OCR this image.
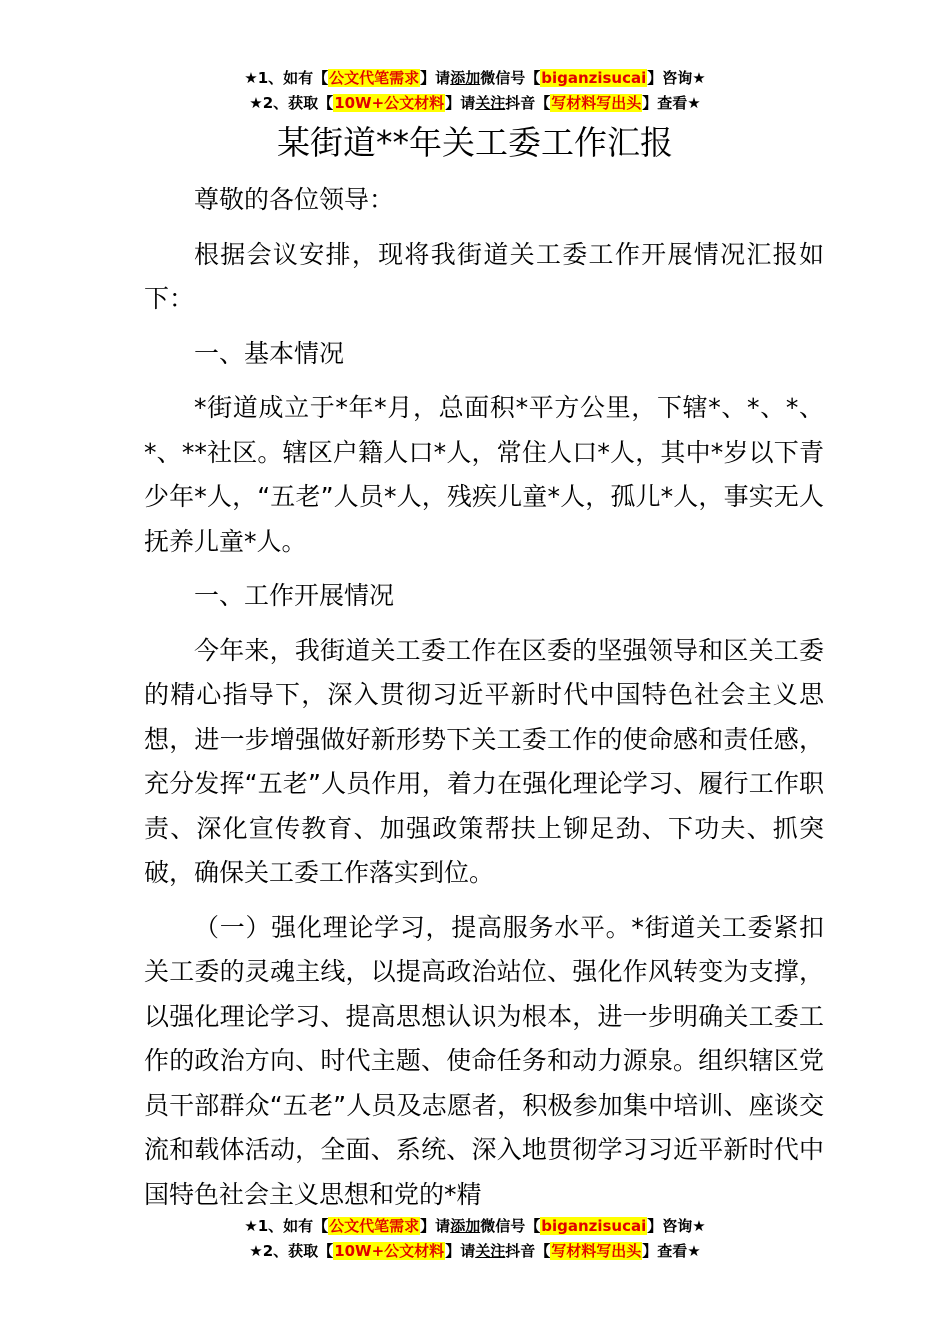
★1、如有【公文代笔需求】请添加微信号【biganzisucai】咨询★
★2、获取【10W+公文材料】请关注抖音【写材料写出头】查看★
某街道**年关工委工作汇报

尊敬的各位领导：

根据会议安排，现将我街道关工委工作开展情况汇报如下：

一、基本情况

*街道成立于*年*月，总面积*平方公里，下辖*、*、*、*、**社区。辖区户籍人口*人，常住人口*人，其中*岁以下青少年*人，“五老”人员*人，残疾儿童*人，孤儿*人，事实无人抚养儿童*人。

一、工作开展情况

今年来，我街道关工委工作在区委的坚强领导和区关工委的精心指导下，深入贯彻习近平新时代中国特色社会主义思想，进一步增强做好新形势下关工委工作的使命感和责任感，充分发挥“五老”人员作用，着力在强化理论学习、履行工作职责、深化宣传教育、加强政策帮扶上铆足劲、下功夫、抓突破，确保关工委工作落实到位。

（一）强化理论学习，提高服务水平。*街道关工委紧扣关工委的灵魂主线，以提高政治站位、强化作风转变为支撑，以强化理论学习、提高思想认识为根本，进一步明确关工委工作的政治方向、时代主题、使命任务和动力源泉。组织辖区党员干部群众“五老”人员及志愿者，积极参加集中培训、座谈交流和载体活动，全面、系统、深入地贯彻学习习近平新时代中国特色社会主义思想和党的*精

★1、如有【公文代笔需求】请添加微信号【biganzisucai】咨询★
★2、获取【10W+公文材料】请关注抖音【写材料写出头】查看★
